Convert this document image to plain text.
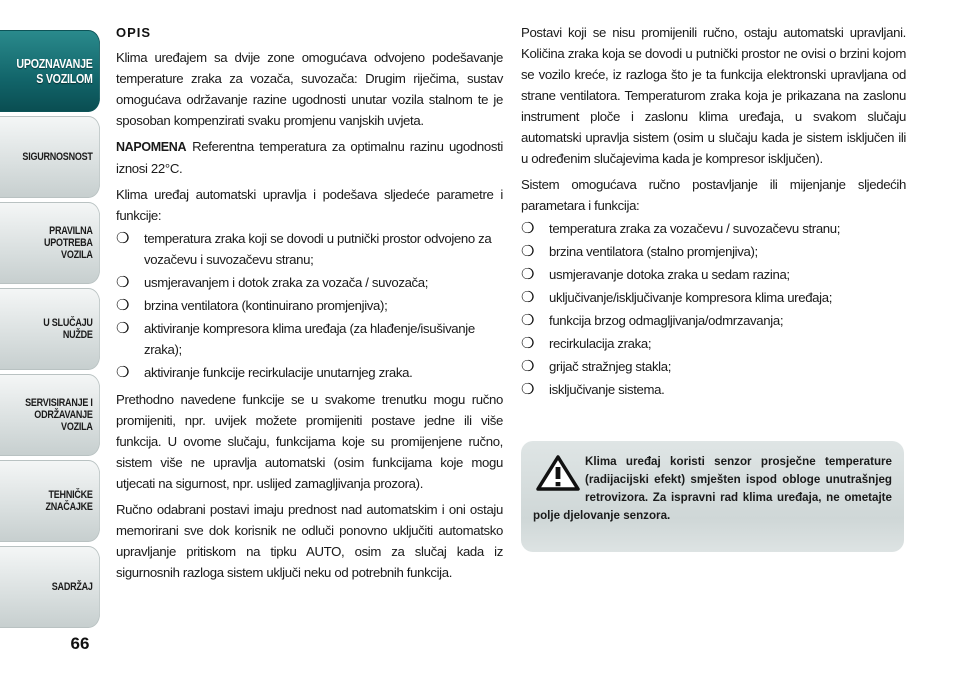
UPOZNAVANJE
S VOZILOM
SIGURNOSNOST
PRAVILNA
UPOTREBA
VOZILA
U SLUČAJU
NUŽDE
SERVISIRANJE I
ODRŽAVANJE
VOZILA
TEHNIČKE
ZNAČAJKE
SADRŽAJ
66
OPIS

Klima uređajem sa dvije zone omogućava odvojeno podešavanje temperature zraka za vozača, suvozača: Drugim riječima, sustav omogućava održavanje razine ugodnosti unutar vozila stalnom te je sposoban kompenzirati svaku promjenu vanjskih uvjeta.

NAPOMENA Referentna temperatura za optimalnu razinu ugodnosti iznosi 22°C.

Klima uređaj automatski upravlja i podešava sljedeće parametre i funkcije:

❍ temperatura zraka koji se dovodi u putnički prostor odvojeno za vozačevu i suvozačevu stranu;
❍ usmjeravanjem i dotok zraka za vozača / suvozača;
❍ brzina ventilatora (kontinuirano promjenjiva);
❍ aktiviranje kompresora klima uređaja (za hlađenje/isušivanje zraka);
❍ aktiviranje funkcije recirkulacije unutarnjeg zraka.

Prethodno navedene funkcije se u svakome trenutku mogu ručno promijeniti, npr. uvijek možete promijeniti postave jedne ili više funkcija. U ovome slučaju, funkcijama koje su promijenjene ručno, sistem više ne upravlja automatski (osim funkcijama koje mogu utjecati na sigurnost, npr. uslijed zamagljivanja prozora).

Ručno odabrani postavi imaju prednost nad automatskim i oni ostaju memorirani sve dok korisnik ne odluči ponovno uključiti automatsko upravljanje pritiskom na tipku AUTO, osim za slučaj kada iz sigurnosnih razloga sistem uključi neku od potrebnih funkcija.

Postavi koji se nisu promijenili ručno, ostaju automatski upravljani. Količina zraka koja se dovodi u putnički prostor ne ovisi o brzini kojom se vozilo kreće, iz razloga što je ta funkcija elektronski upravljana od strane ventilatora. Temperaturom zraka koja je prikazana na zaslonu instrument ploče i zaslonu klima uređaja, u svakom slučaju automatski upravlja sistem (osim u slučaju kada je sistem isključen ili u određenim slučajevima kada je kompresor isključen).

Sistem omogućava ručno postavljanje ili mijenjanje sljedećih parametara i funkcija:

❍ temperatura zraka za vozačevu / suvozačevu stranu;
❍ brzina ventilatora (stalno promjenjiva);
❍ usmjeravanje dotoka zraka u sedam razina;
❍ uključivanje/isključivanje kompresora klima uređaja;
❍ funkcija brzog odmagljivanja/odmrzavanja;
❍ recirkulacija zraka;
❍ grijač stražnjeg stakla;
❍ isključivanje sistema.
Klima uređaj koristi senzor prosječne temperature (radijacijski efekt) smješten ispod obloge unutrašnjeg retrovizora. Za ispravni rad klima uređaja, ne ometajte polje djelovanje senzora.
